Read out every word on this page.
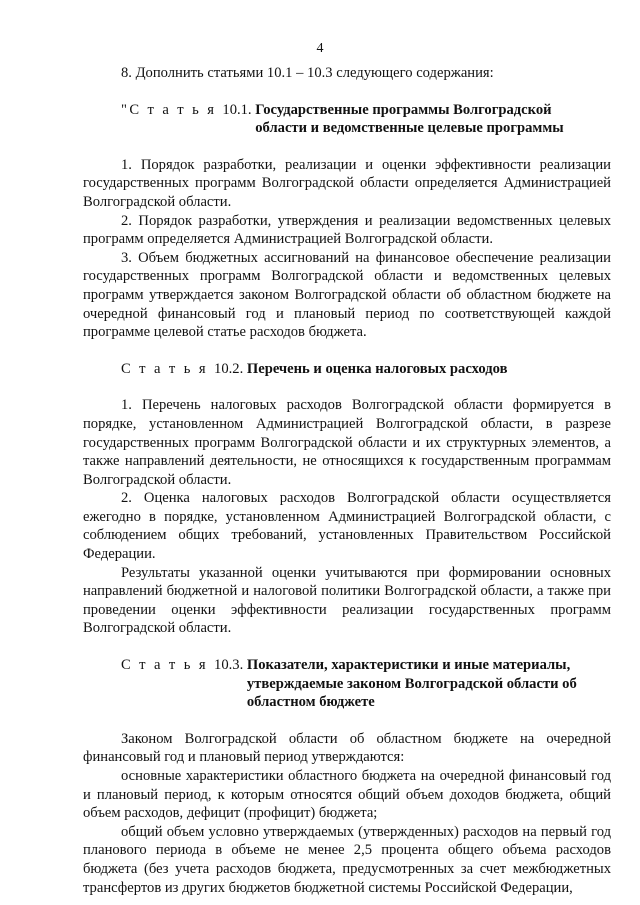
4

8. Дополнить статьями 10.1 – 10.3 следующего содержания:

"С т а т ь я 10.1. Государственные программы Волгоградской области и ведомственные целевые программы

1. Порядок разработки, реализации и оценки эффективности реализации государственных программ Волгоградской области определяется Администрацией Волгоградской области.

2. Порядок разработки, утверждения и реализации ведомственных целевых программ определяется Администрацией Волгоградской области.

3. Объем бюджетных ассигнований на финансовое обеспечение реализации государственных программ Волгоградской области и ведомственных целевых программ утверждается законом Волгоградской области об областном бюджете на очередной финансовый год и плановый период по соответствующей каждой программе целевой статье расходов бюджета.

С т а т ь я 10.2. Перечень и оценка налоговых расходов

1. Перечень налоговых расходов Волгоградской области формируется в порядке, установленном Администрацией Волгоградской области, в разрезе государственных программ Волгоградской области и их структурных элементов, а также направлений деятельности, не относящихся к государственным программам Волгоградской области.

2. Оценка налоговых расходов Волгоградской области осуществляется ежегодно в порядке, установленном Администрацией Волгоградской области, с соблюдением общих требований, установленных Правительством Российской Федерации.

Результаты указанной оценки учитываются при формировании основных направлений бюджетной и налоговой политики Волгоградской области, а также при проведении оценки эффективности реализации государственных программ Волгоградской области.

С т а т ь я 10.3. Показатели, характеристики и иные материалы, утверждаемые законом Волгоградской области об областном бюджете

Законом Волгоградской области об областном бюджете на очередной финансовый год и плановый период утверждаются:

основные характеристики областного бюджета на очередной финансовый год и плановый период, к которым относятся общий объем доходов бюджета, общий объем расходов, дефицит (профицит) бюджета;

общий объем условно утверждаемых (утвержденных) расходов на первый год планового периода в объеме не менее 2,5 процента общего объема расходов бюджета (без учета расходов бюджета, предусмотренных за счет межбюджетных трансфертов из других бюджетов бюджетной системы Российской Федерации,
